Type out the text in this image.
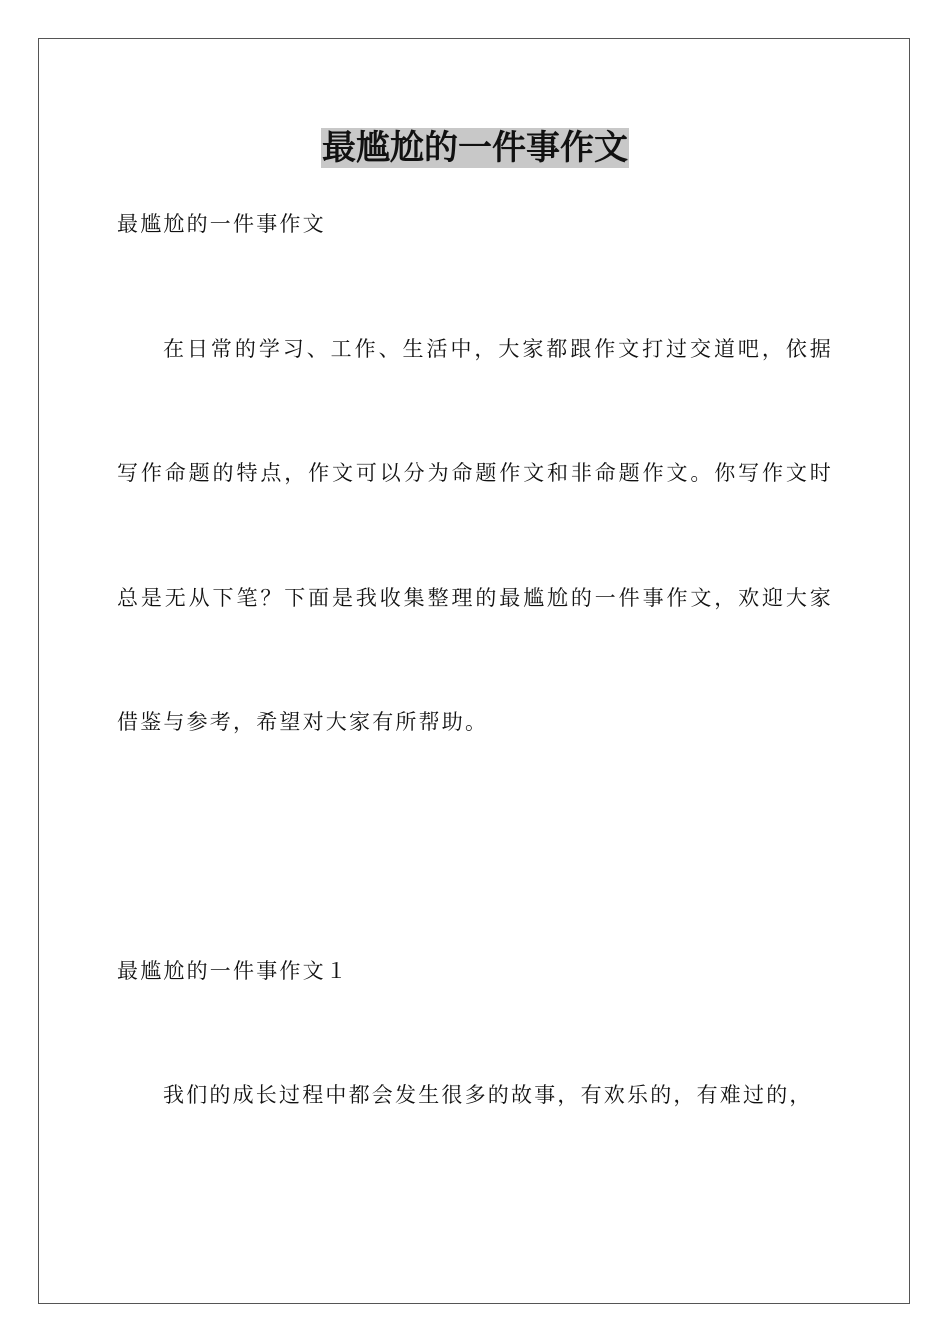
最尴尬的一件事作文
最尴尬的一件事作文
在日常的学习、工作、生活中，大家都跟作文打过交道吧，依据
写作命题的特点，作文可以分为命题作文和非命题作文。你写作文时
总是无从下笔？下面是我收集整理的最尴尬的一件事作文，欢迎大家
借鉴与参考，希望对大家有所帮助。
最尴尬的一件事作文１
我们的成长过程中都会发生很多的故事，有欢乐的，有难过的，
